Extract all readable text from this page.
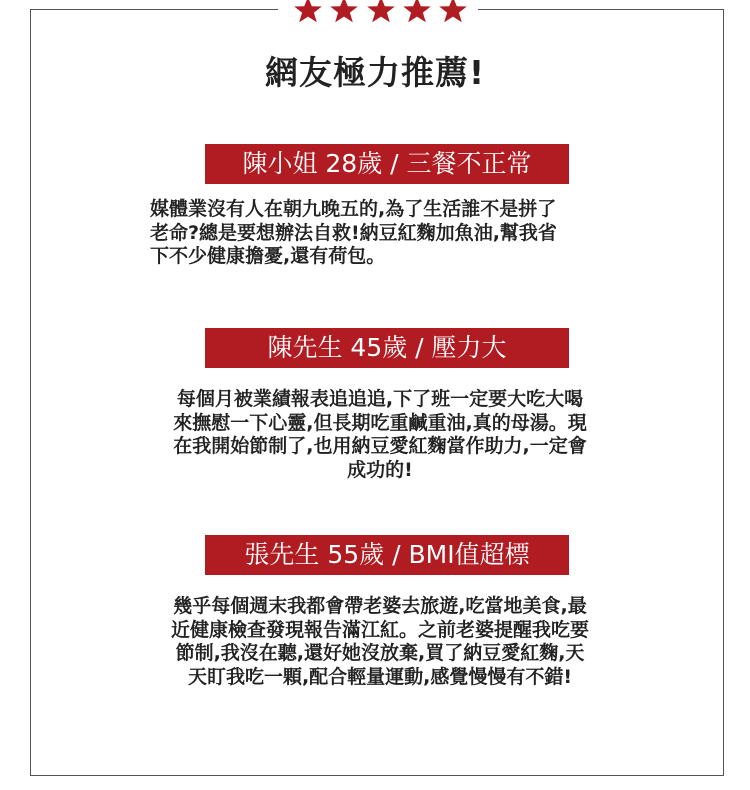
網友極力推薦!
陳小姐 28歲 / 三餐不正常
媒體業沒有人在朝九晚五的,為了生活誰不是拼了
老命?總是要想辦法自救!納豆紅麴加魚油,幫我省
下不少健康擔憂,還有荷包。
陳先生 45歲 / 壓力大
每個月被業績報表追追追,下了班一定要大吃大喝
來撫慰一下心靈,但長期吃重鹹重油,真的母湯。現
在我開始節制了,也用納豆愛紅麴當作助力,一定會
成功的!
張先生 55歲 / BMI值超標
幾乎每個週末我都會帶老婆去旅遊,吃當地美食,最
近健康檢查發現報告滿江紅。之前老婆提醒我吃要
節制,我沒在聽,還好她沒放棄,買了納豆愛紅麴,天
天盯我吃一顆,配合輕量運動,感覺慢慢有不錯!
